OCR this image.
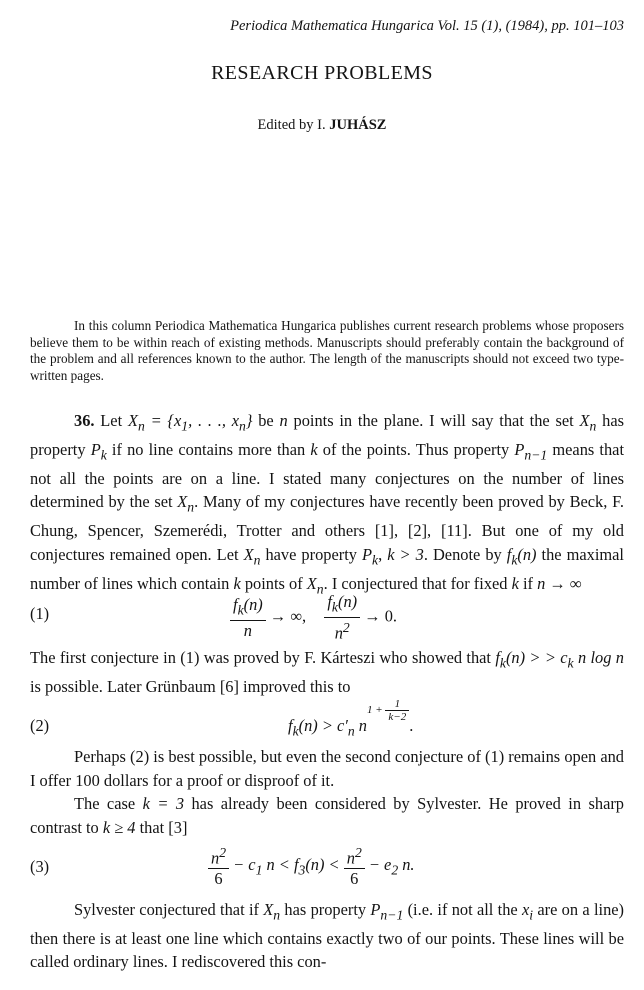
Periodica Mathematica Hungarica Vol. 15 (1), (1984), pp. 101–103
RESEARCH PROBLEMS
Edited by I. JUHÁSZ

In this column Periodica Mathematica Hungarica publishes current research problems whose proposers believe them to be within reach of existing methods. Manuscripts should preferably contain the background of the problem and all references known to the author. The length of the manuscripts should not exceed two type-written pages.

36. Let $X_n = \{x_1$, . . ., $x_n$} be n points in the plane. I will say that the set $X_n$ has property $P_k$ if no line contains more than k of the points. Thus property $P_{n-1}$ means that not all the points are on a line. I stated many conjectures on the number of lines determined by the set $X_n$. Many of my conjectures have recently been proved by Beck, F. Chung, Spencer, Szemerédi, Trotter and others [1], [2], [11]. But one of my old conjectures remained open. Let $X_n$ have property $P_k$, k > 3. Denote by $f_k(n)$ the maximal number of lines which contain k points of $X_n$. I conjectured that for fixed k if n → ∞

(1)	$\frac{f_k(n)}{n}$ → ∞, $\frac{f_k(n)}{n^2} \to 0$.

The first conjecture in (1) was proved by F. Kárteszi who showed that $f_k(n)$ > > $c_k$ n log n is possible. Later Grünbaum [6] improved this to

(2)	$f_k(n) > c'_n$ $n1 + \frac{1}{k-2}$
.

Perhaps (2) is best possible, but even the second conjecture of (1) remains open and I offer 100 dollars for a proof or disproof of it.

The case k = 3 has already been considered by Sylvester. He proved in sharp contrast to k ≥ 4 that [3]

(3)	$\frac{n^2}{6} - c_1$ $n < f_3(n) < \frac{n^2}{6} - e_2$ n.

Sylvester conjectured that if $X_n$ has property $P_{n-1}$ (i.e. if not all the $x_i$ are on a line) then there is at least one line which contains exactly two of our points. These lines will be called ordinary lines. I rediscovered this con-
